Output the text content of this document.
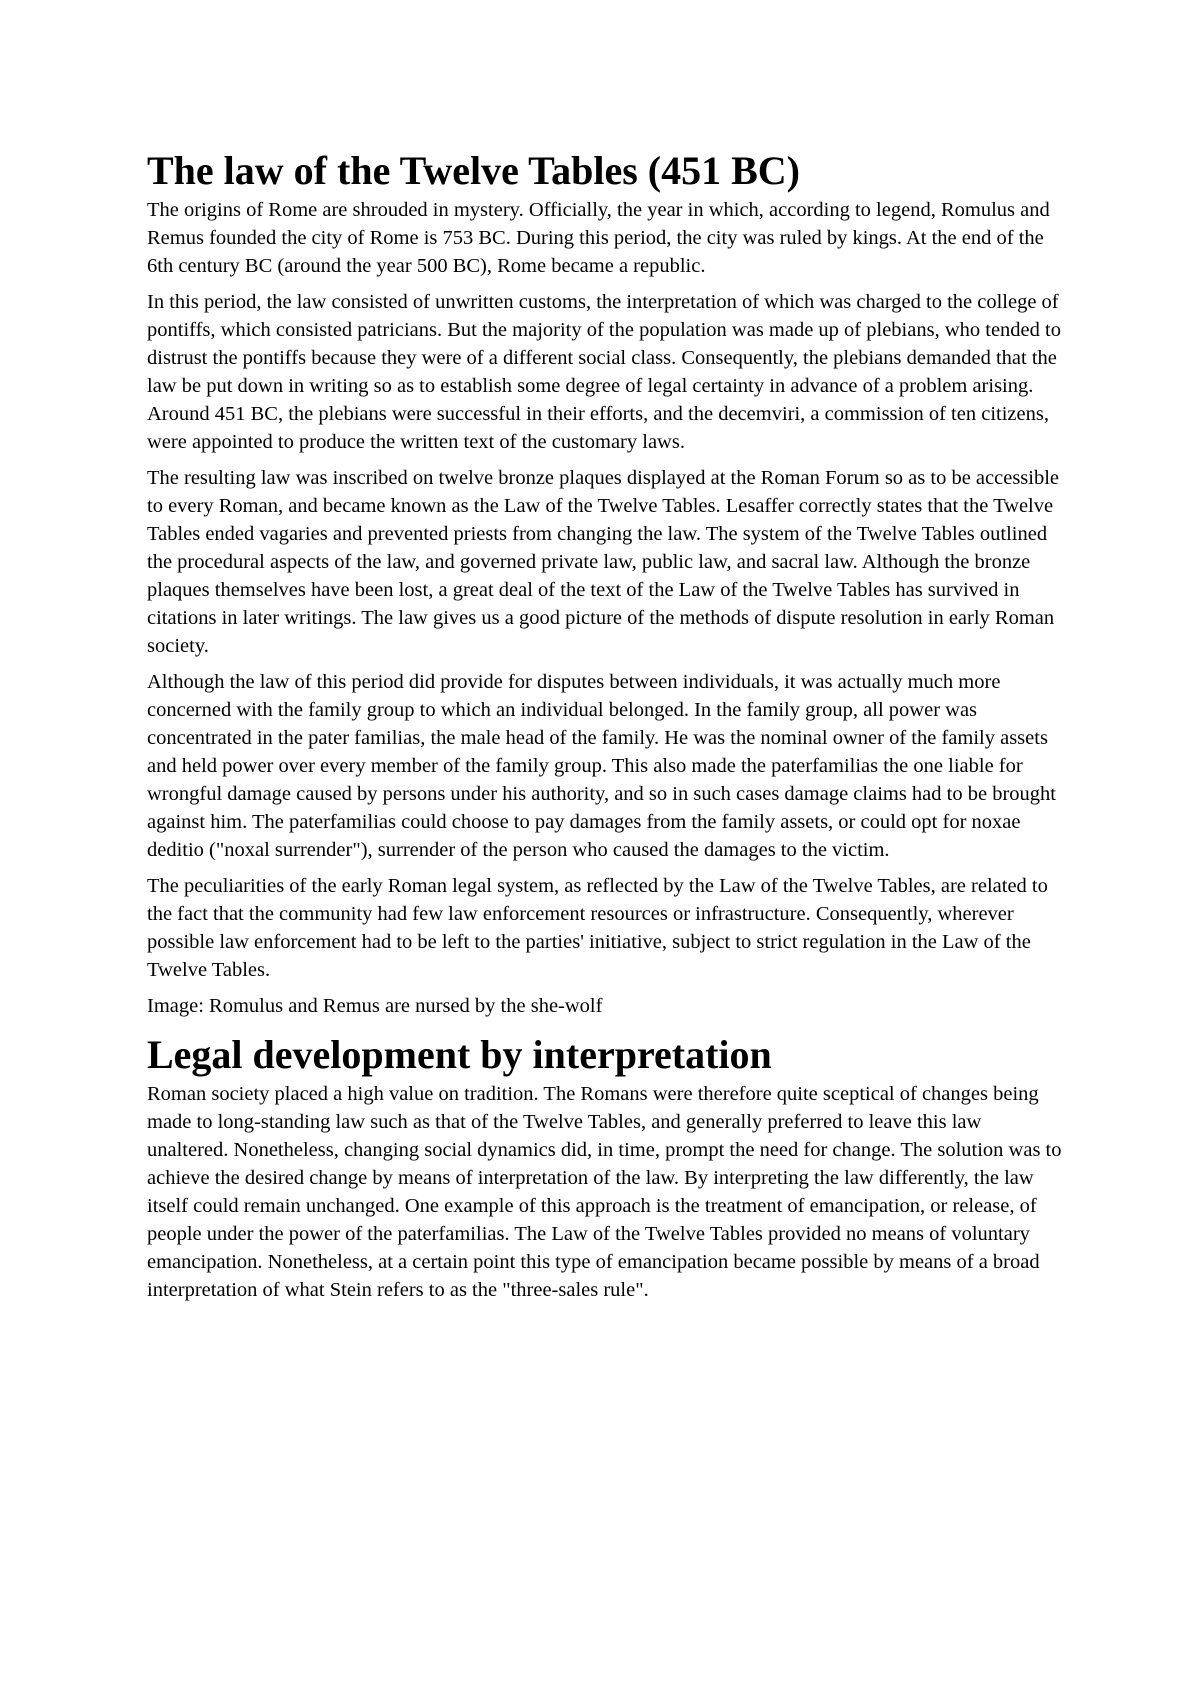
The law of the Twelve Tables (451 BC)

The origins of Rome are shrouded in mystery. Officially, the year in which, according to legend, Romulus and Remus founded the city of Rome is 753 BC. During this period, the city was ruled by kings. At the end of the 6th century BC (around the year 500 BC), Rome became a republic.

In this period, the law consisted of unwritten customs, the interpretation of which was charged to the college of pontiffs, which consisted patricians. But the majority of the population was made up of plebians, who tended to distrust the pontiffs because they were of a different social class. Consequently, the plebians demanded that the law be put down in writing so as to establish some degree of legal certainty in advance of a problem arising. Around 451 BC, the plebians were successful in their efforts, and the decemviri, a commission of ten citizens, were appointed to produce the written text of the customary laws.

The resulting law was inscribed on twelve bronze plaques displayed at the Roman Forum so as to be accessible to every Roman, and became known as the Law of the Twelve Tables. Lesaffer correctly states that the Twelve Tables ended vagaries and prevented priests from changing the law. The system of the Twelve Tables outlined the procedural aspects of the law, and governed private law, public law, and sacral law. Although the bronze plaques themselves have been lost, a great deal of the text of the Law of the Twelve Tables has survived in citations in later writings. The law gives us a good picture of the methods of dispute resolution in early Roman society.

Although the law of this period did provide for disputes between individuals, it was actually much more concerned with the family group to which an individual belonged. In the family group, all power was concentrated in the pater familias, the male head of the family. He was the nominal owner of the family assets and held power over every member of the family group. This also made the paterfamilias the one liable for wrongful damage caused by persons under his authority, and so in such cases damage claims had to be brought against him. The paterfamilias could choose to pay damages from the family assets, or could opt for noxae deditio ("noxal surrender"), surrender of the person who caused the damages to the victim.

The peculiarities of the early Roman legal system, as reflected by the Law of the Twelve Tables, are related to the fact that the community had few law enforcement resources or infrastructure. Consequently, wherever possible law enforcement had to be left to the parties' initiative, subject to strict regulation in the Law of the Twelve Tables.

Image: Romulus and Remus are nursed by the she-wolf

Legal development by interpretation

Roman society placed a high value on tradition. The Romans were therefore quite sceptical of changes being made to long-standing law such as that of the Twelve Tables, and generally preferred to leave this law unaltered. Nonetheless, changing social dynamics did, in time, prompt the need for change. The solution was to achieve the desired change by means of interpretation of the law. By interpreting the law differently, the law itself could remain unchanged. One example of this approach is the treatment of emancipation, or release, of people under the power of the paterfamilias. The Law of the Twelve Tables provided no means of voluntary emancipation. Nonetheless, at a certain point this type of emancipation became possible by means of a broad interpretation of what Stein refers to as the "three-sales rule".
